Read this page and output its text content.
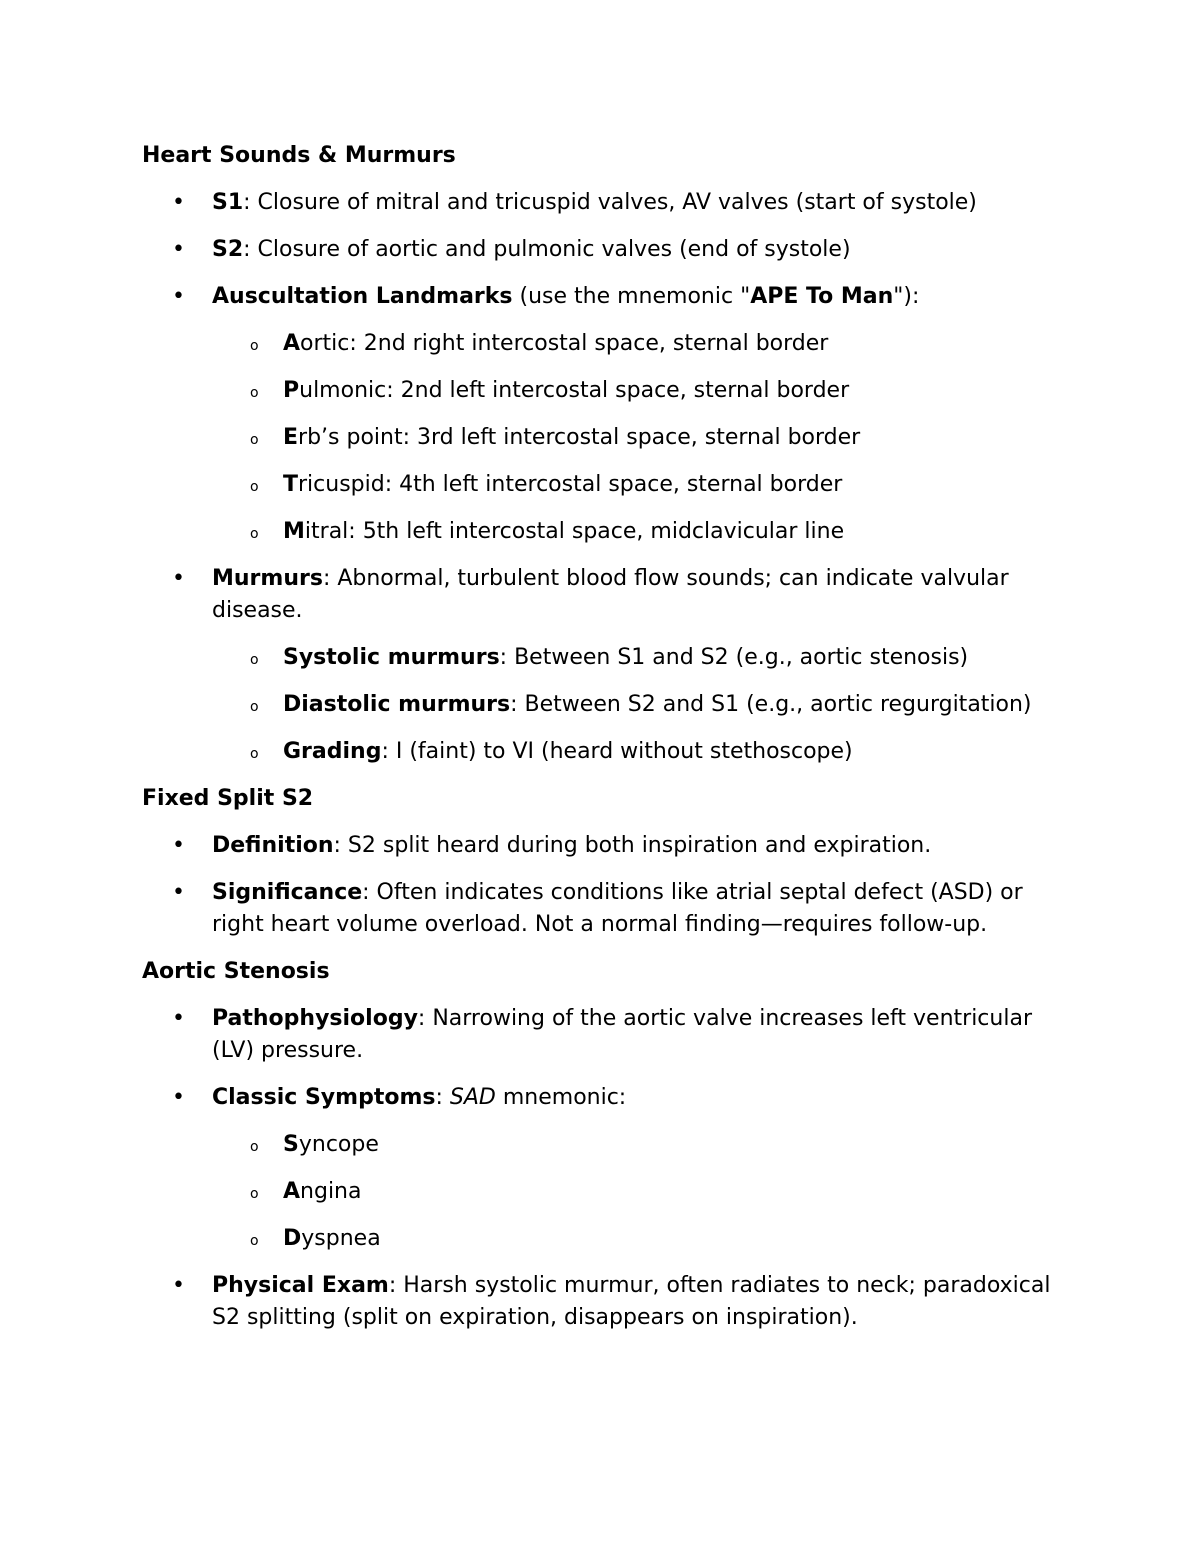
Heart Sounds & Murmurs
• S1: Closure of mitral and tricuspid valves, AV valves (start of systole)
• S2: Closure of aortic and pulmonic valves (end of systole)
• Auscultation Landmarks (use the mnemonic "APE To Man"):
o	Aortic: 2nd right intercostal space, sternal border
o	Pulmonic: 2nd left intercostal space, sternal border
o	Erb’s point: 3rd left intercostal space, sternal border
o	Tricuspid: 4th left intercostal space, sternal border
o	Mitral: 5th left intercostal space, midclavicular line
• Murmurs: Abnormal, turbulent blood flow sounds; can indicate valvular disease.
o	Systolic murmurs: Between S1 and S2 (e.g., aortic stenosis)
o	Diastolic murmurs: Between S2 and S1 (e.g., aortic regurgitation)
o	Grading: I (faint) to VI (heard without stethoscope)
Fixed Split S2
• Definition: S2 split heard during both inspiration and expiration.
• Significance: Often indicates conditions like atrial septal defect (ASD) or right heart volume overload. Not a normal finding—requires follow-up.
Aortic Stenosis
• Pathophysiology: Narrowing of the aortic valve increases left ventricular (LV) pressure.
• Classic Symptoms: SAD mnemonic:
o	Syncope
o	Angina
o	Dyspnea
• Physical Exam: Harsh systolic murmur, often radiates to neck; paradoxical S2 splitting (split on expiration, disappears on inspiration).
